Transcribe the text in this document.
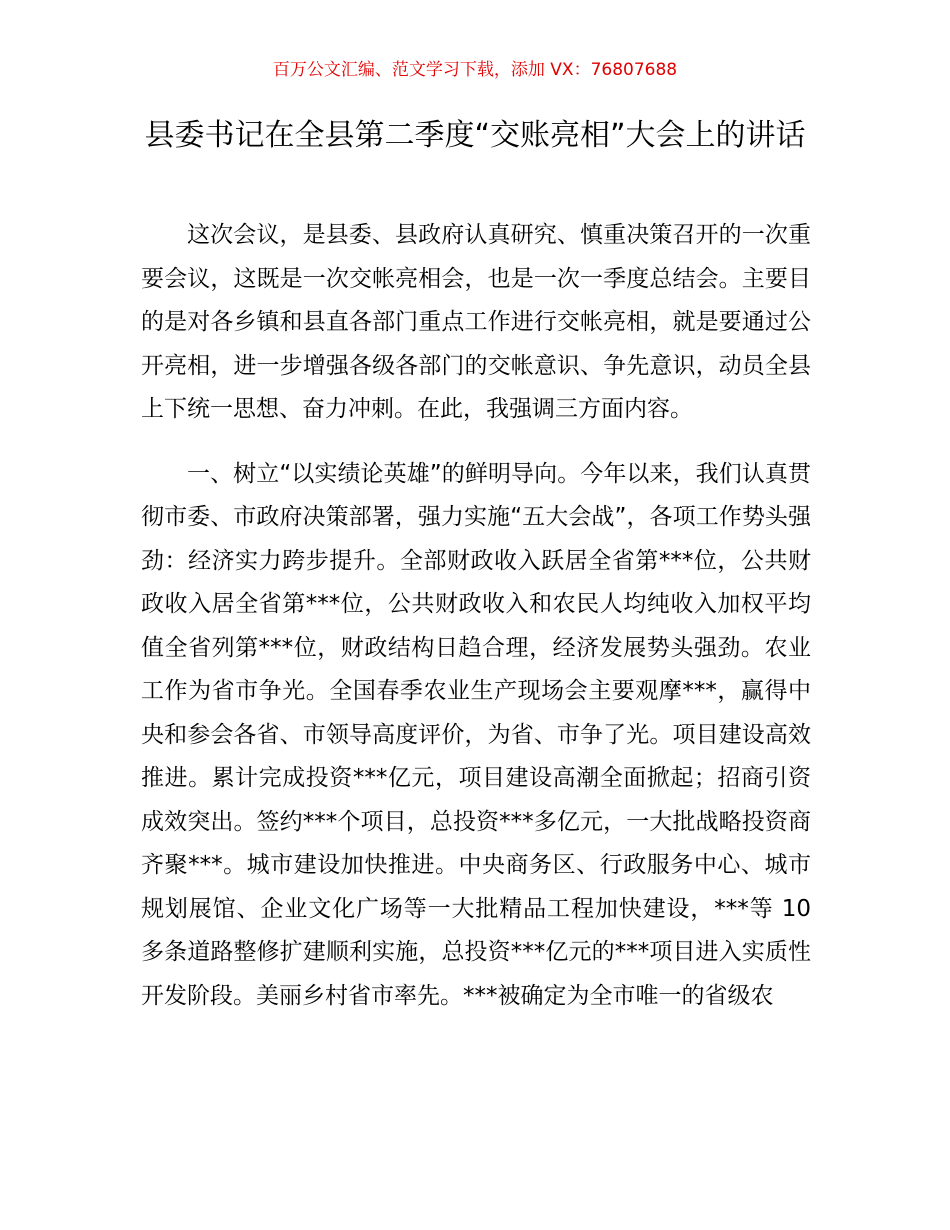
百万公文汇编、范文学习下载，添加 VX：76807688
县委书记在全县第二季度“交账亮相”大会上的讲话

这次会议，是县委、县政府认真研究、慎重决策召开的一次重要会议，这既是一次交帐亮相会，也是一次一季度总结会。主要目的是对各乡镇和县直各部门重点工作进行交帐亮相，就是要通过公开亮相，进一步增强各级各部门的交帐意识、争先意识，动员全县上下统一思想、奋力冲刺。在此，我强调三方面内容。

一、树立“以实绩论英雄”的鲜明导向。今年以来，我们认真贯彻市委、市政府决策部署，强力实施“五大会战”，各项工作势头强劲：经济实力跨步提升。全部财政收入跃居全省第***位，公共财政收入居全省第***位，公共财政收入和农民人均纯收入加权平均值全省列第***位，财政结构日趋合理，经济发展势头强劲。农业工作为省市争光。全国春季农业生产现场会主要观摩***，赢得中央和参会各省、市领导高度评价，为省、市争了光。项目建设高效推进。累计完成投资***亿元，项目建设高潮全面掀起；招商引资成效突出。签约***个项目，总投资***多亿元，一大批战略投资商齐聚***。城市建设加快推进。中央商务区、行政服务中心、城市规划展馆、企业文化广场等一大批精品工程加快建设，***等 10 多条道路整修扩建顺利实施，总投资***亿元的***项目进入实质性开发阶段。美丽乡村省市率先。***被确定为全市唯一的省级农
